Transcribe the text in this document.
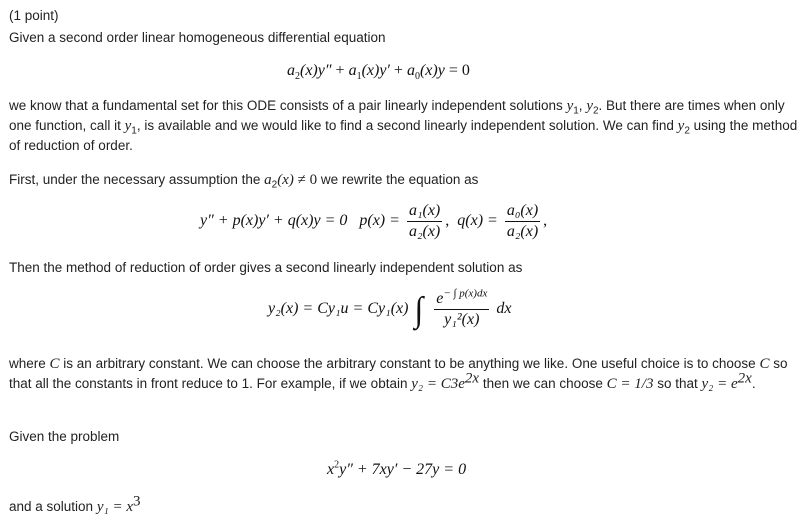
(1 point)
Given a second order linear homogeneous differential equation
$a_2(x)y'' + a_1(x)y' + a_0(x)y = 0$
we know that a fundamental set for this ODE consists of a pair linearly independent solutions $y_1$, $y_2$. But there are times when only one function, call it $y_1$, is available and we would like to find a second linearly independent solution. We can find $y_2$ using the method of reduction of order.
First, under the necessary assumption the $a_2(x) \ne 0$ we rewrite the equation as
y″ + p(x)y′ + q(x)y = 0 $p(x) = \frac{\text{a₁(x)}}{\text{a₂(x)}}$ , $q(x) = \frac{\text{a₀(x)}}{\text{a₂(x)}}$ ,
Then the method of reduction of order gives a second linearly independent solution as
y₂(x) = Cy₁u = Cy₁(x) ∫ $\frac{e^{- \int p(x)dx}}{\text{y₁²(x)}}$ dx
where C is an arbitrary constant. We can choose the arbitrary constant to be anything we like. One useful choice is to choose C so that all the constants in front reduce to 1. For example, if we obtain $y_2 = C3e^{2x}$ then we can choose C = 1/3 so that $y_2 = e^{2x}$.
Given the problem
$x^2y'' + 7xy' - 27y = 0$
and a solution $y_1 = x^3$
